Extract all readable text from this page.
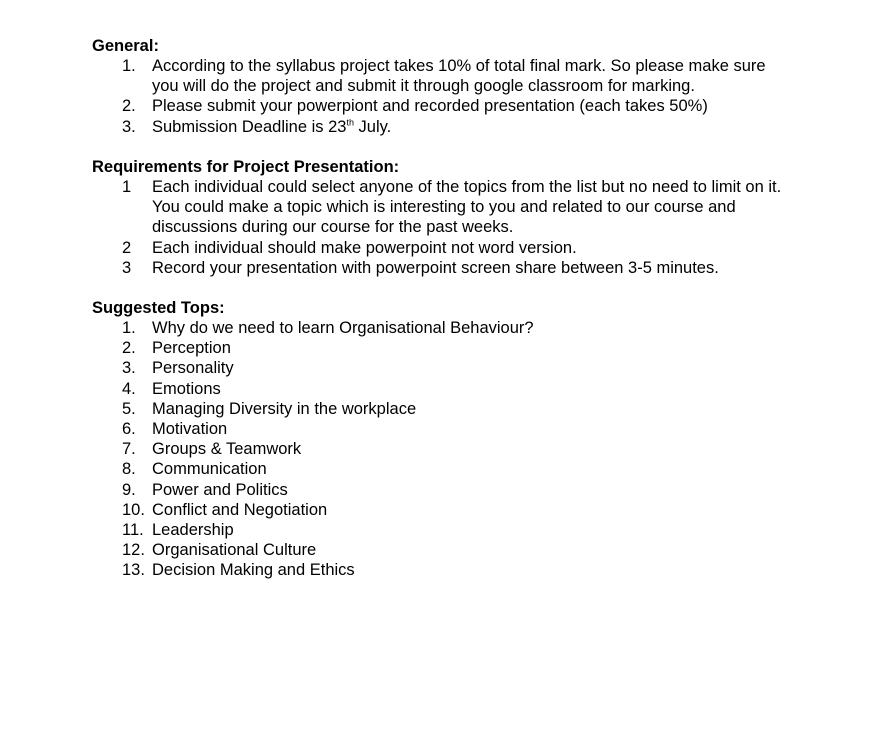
General:
1. According to the syllabus project takes 10% of total final mark. So please make sure you will do the project and submit it through google classroom for marking.
2. Please submit your powerpiont and recorded presentation (each takes 50%)
3. Submission Deadline is 23th July.
Requirements for Project Presentation:
1 Each individual could select anyone of the topics from the list but no need to limit on it. You could make a topic which is interesting to you and related to our course and discussions during our course for the past weeks.
2 Each individual should make powerpoint not word version.
3 Record your presentation with powerpoint screen share between 3-5 minutes.
Suggested Tops:
1. Why do we need to learn Organisational Behaviour?
2. Perception
3. Personality
4. Emotions
5. Managing Diversity in the workplace
6. Motivation
7. Groups & Teamwork
8. Communication
9. Power and Politics
10. Conflict and Negotiation
11. Leadership
12. Organisational Culture
13. Decision Making and Ethics
